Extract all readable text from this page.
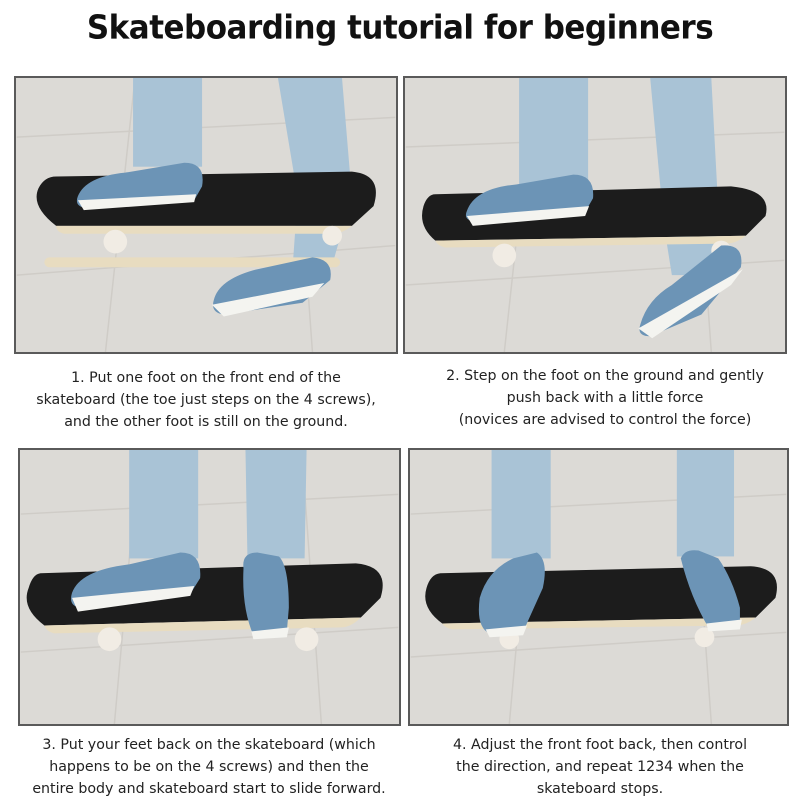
Skateboarding tutorial for beginners
1. Put one foot on the front end of the
skateboard (the toe just steps on the 4 screws),
and the other foot is still on the ground.
2. Step on the foot on the ground and gently
push back with a little force
(novices are advised to control the force)
3. Put your feet back on the skateboard (which
happens to be on the 4 screws) and then the
entire body and skateboard start to slide forward.
4. Adjust the front foot back, then control
the direction, and repeat 1234 when the
skateboard stops.
